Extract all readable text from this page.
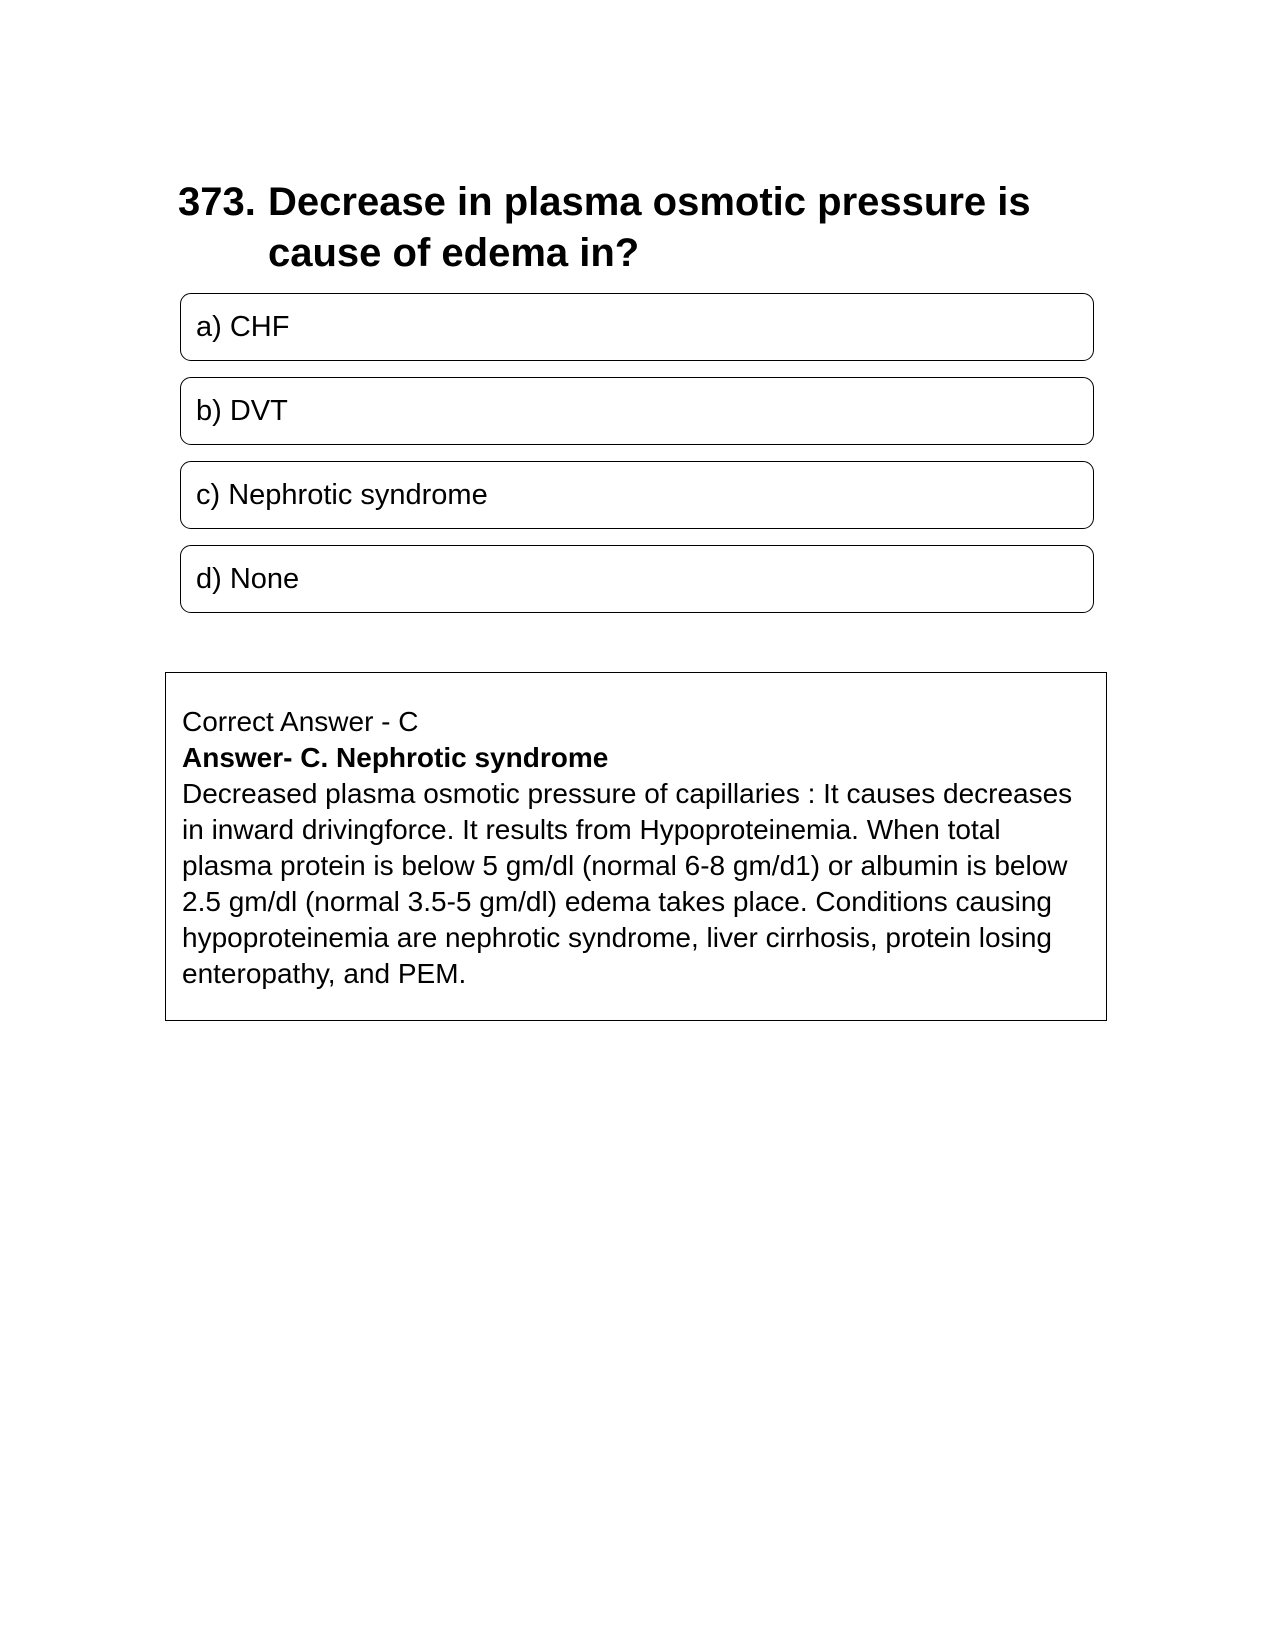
373. Decrease in plasma osmotic pressure is cause of edema in?
a) CHF
b) DVT
c) Nephrotic syndrome
d) None
Correct Answer - C
Answer- C. Nephrotic syndrome
Decreased plasma osmotic pressure of capillaries : It causes decreases in inward drivingforce. It results from Hypoproteinemia. When total plasma protein is below 5 gm/dl (normal 6-8 gm/d1) or albumin is below 2.5 gm/dl (normal 3.5-5 gm/dl) edema takes place. Conditions causing hypoproteinemia are nephrotic syndrome, liver cirrhosis, protein losing enteropathy, and PEM.
